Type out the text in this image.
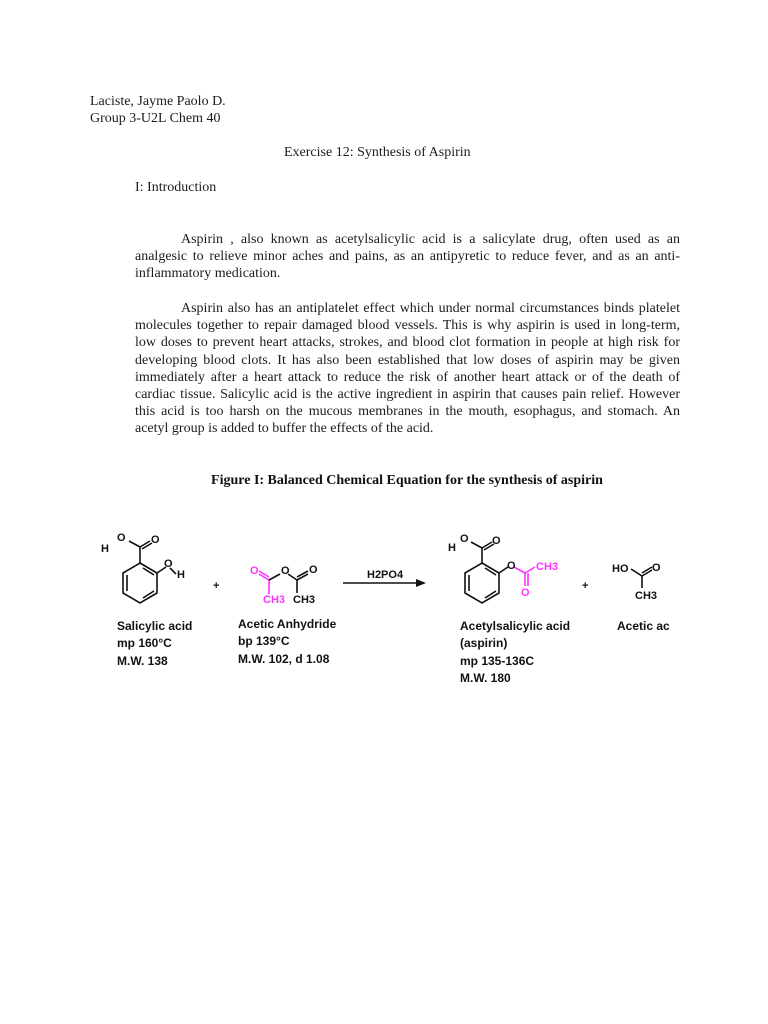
Laciste, Jayme Paolo D.

Group 3-U2L Chem 40

Exercise 12: Synthesis of Aspirin

I: Introduction

Aspirin , also known as acetylsalicylic acid is a salicylate drug, often used as an analgesic to relieve minor aches and pains, as an antipyretic to reduce fever, and as an anti-inflammatory medication.

Aspirin also has an antiplatelet effect which under normal circumstances binds platelet molecules together to repair damaged blood vessels. This is why aspirin is used in long-term, low doses to prevent heart attacks, strokes, and blood clot formation in people at high risk for developing blood clots. It has also been established that low doses of aspirin may be given immediately after a heart attack to reduce the risk of another heart attack or of the death of cardiac tissue. Salicylic acid is the active ingredient in aspirin that causes pain relief. However this acid is too harsh on the mucous membranes in the mouth, esophagus, and stomach. An acetyl group is added to buffer the effects of the acid.

Figure I: Balanced Chemical Equation for the synthesis of aspirin

H
O O
O
H
+
O O O
CH3 CH3
H2PO4
H
O O
O CH3
O
+
HO O
CH3

Salicylic acid

mp 160°C

M.W. 138

Acetic Anhydride

bp 139°C

M.W. 102, d 1.08

Acetylsalicylic acid

(aspirin)

mp 135-136C

M.W. 180

Acetic ac
